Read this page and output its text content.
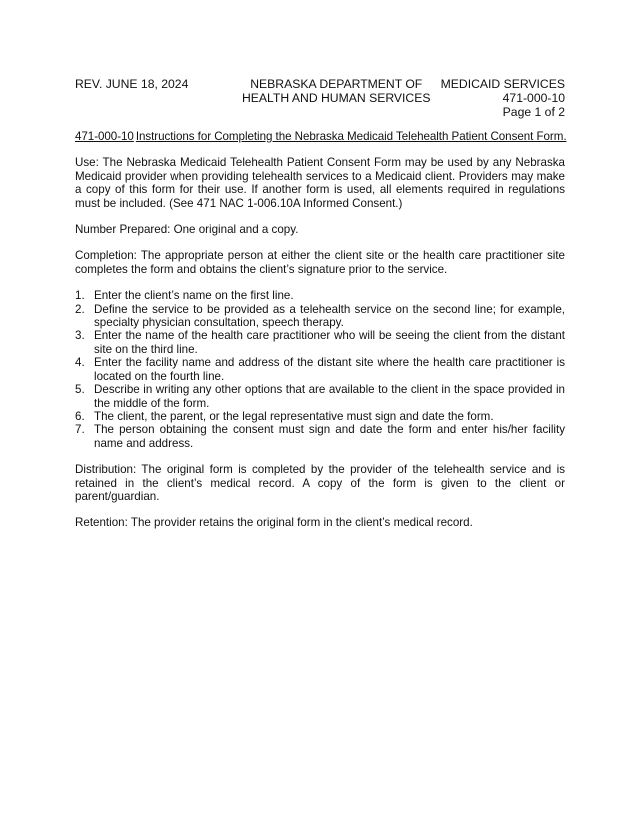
REV. JUNE 18, 2024	NEBRASKA DEPARTMENT OF
HEALTH AND HUMAN SERVICES
MEDICAID SERVICES
471-000-10
Page 1 of 2
471-000-10 Instructions for Completing the Nebraska Medicaid Telehealth Patient Consent Form.

Use: The Nebraska Medicaid Telehealth Patient Consent Form may be used by any Nebraska Medicaid provider when providing telehealth services to a Medicaid client. Providers may make a copy of this form for their use. If another form is used, all elements required in regulations must be included. (See 471 NAC 1-006.10A Informed Consent.)

Number Prepared: One original and a copy.

Completion: The appropriate person at either the client site or the health care practitioner site completes the form and obtains the client’s signature prior to the service.

1. Enter the client’s name on the first line.
2. Define the service to be provided as a telehealth service on the second line; for example, specialty physician consultation, speech therapy.
3. Enter the name of the health care practitioner who will be seeing the client from the distant site on the third line.
4. Enter the facility name and address of the distant site where the health care practitioner is located on the fourth line.
5. Describe in writing any other options that are available to the client in the space provided in the middle of the form.
6. The client, the parent, or the legal representative must sign and date the form.
7. The person obtaining the consent must sign and date the form and enter his/her facility name and address.

Distribution: The original form is completed by the provider of the telehealth service and is retained in the client’s medical record. A copy of the form is given to the client or parent/guardian.

Retention: The provider retains the original form in the client’s medical record.
